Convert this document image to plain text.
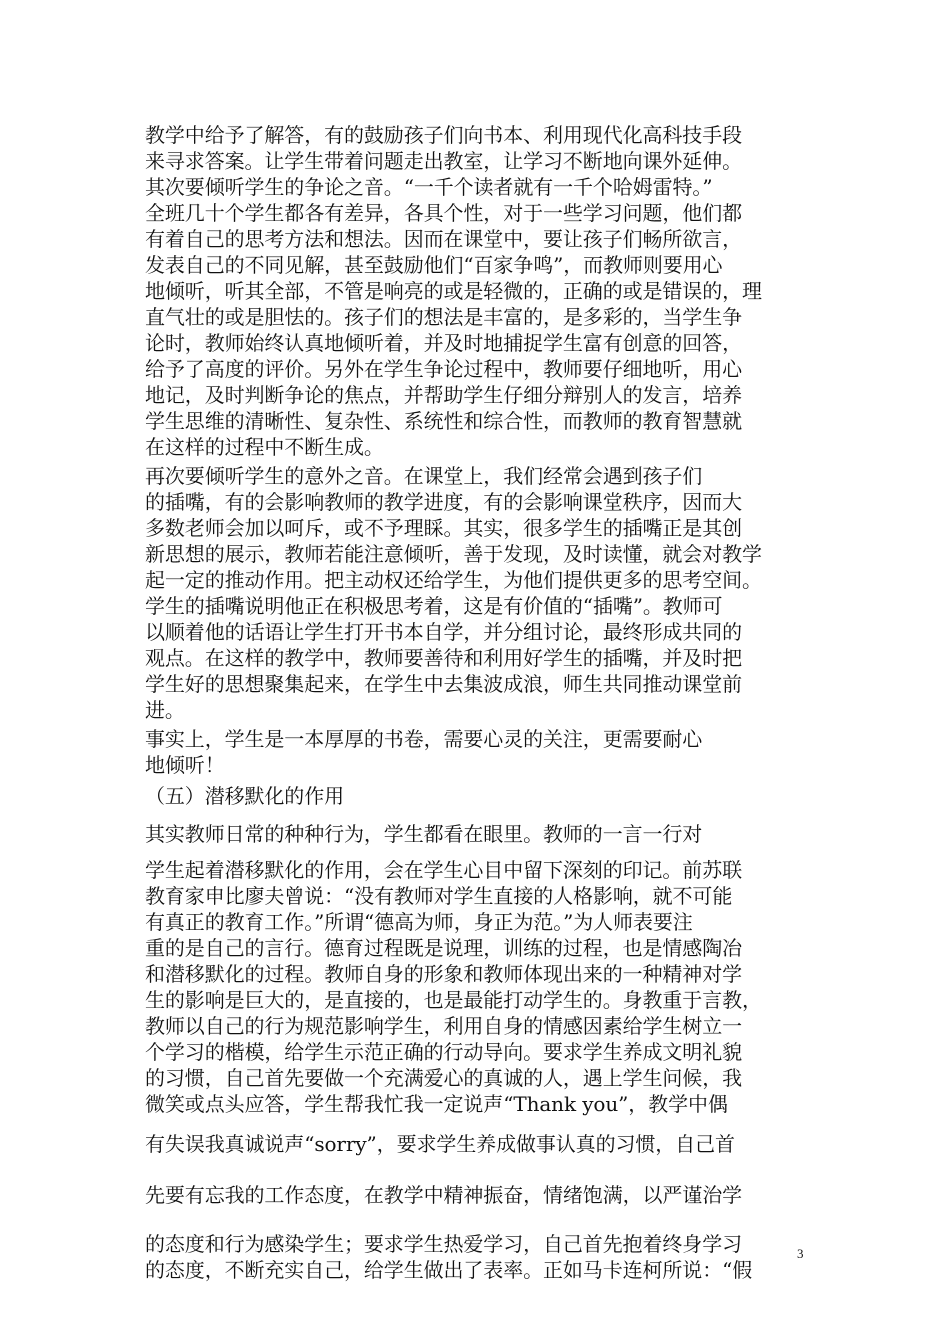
教学中给予了解答，有的鼓励孩子们向书本、利用现代化高科技手段
来寻求答案。让学生带着问题走出教室，让学习不断地向课外延伸。
其次要倾听学生的争论之音。“一千个读者就有一千个哈姆雷特。”
全班几十个学生都各有差异，各具个性，对于一些学习问题，他们都
有着自己的思考方法和想法。因而在课堂中，要让孩子们畅所欲言，
发表自己的不同见解，甚至鼓励他们“百家争鸣”，而教师则要用心
地倾听，听其全部，不管是响亮的或是轻微的，正确的或是错误的，理
直气壮的或是胆怯的。孩子们的想法是丰富的，是多彩的，当学生争
论时，教师始终认真地倾听着，并及时地捕捉学生富有创意的回答，
给予了高度的评价。另外在学生争论过程中，教师要仔细地听，用心
地记，及时判断争论的焦点，并帮助学生仔细分辩别人的发言，培养
学生思维的清晰性、复杂性、系统性和综合性，而教师的教育智慧就
在这样的过程中不断生成。
再次要倾听学生的意外之音。在课堂上，我们经常会遇到孩子们
的插嘴，有的会影响教师的教学进度，有的会影响课堂秩序，因而大
多数老师会加以呵斥，或不予理睬。其实，很多学生的插嘴正是其创
新思想的展示，教师若能注意倾听，善于发现，及时读懂，就会对教学
起一定的推动作用。把主动权还给学生，为他们提供更多的思考空间。
学生的插嘴说明他正在积极思考着，这是有价值的“插嘴”。教师可
以顺着他的话语让学生打开书本自学，并分组讨论，最终形成共同的
观点。在这样的教学中，教师要善待和利用好学生的插嘴，并及时把
学生好的思想聚集起来，在学生中去集波成浪，师生共同推动课堂前
进。
事实上，学生是一本厚厚的书卷，需要心灵的关注，更需要耐心
地倾听！
（五）潜移默化的作用
其实教师日常的种种行为，学生都看在眼里。教师的一言一行对
学生起着潜移默化的作用，会在学生心目中留下深刻的印记。前苏联
教育家申比廖夫曾说：“没有教师对学生直接的人格影响，就不可能
有真正的教育工作。”所谓“德高为师，身正为范。”为人师表要注
重的是自己的言行。德育过程既是说理，训练的过程，也是情感陶冶
和潜移默化的过程。教师自身的形象和教师体现出来的一种精神对学
生的影响是巨大的，是直接的，也是最能打动学生的。身教重于言教，
教师以自己的行为规范影响学生，利用自身的情感因素给学生树立一
个学习的楷模，给学生示范正确的行动导向。要求学生养成文明礼貌
的习惯，自己首先要做一个充满爱心的真诚的人，遇上学生问候，我
微笑或点头应答，学生帮我忙我一定说声“Thank you”，教学中偶
有失误我真诚说声“sorry”，要求学生养成做事认真的习惯，自己首
先要有忘我的工作态度，在教学中精神振奋，情绪饱满，以严谨治学
的态度和行为感染学生；要求学生热爱学习，自己首先抱着终身学习
的态度，不断充实自己，给学生做出了表率。正如马卡连柯所说：“假
3
